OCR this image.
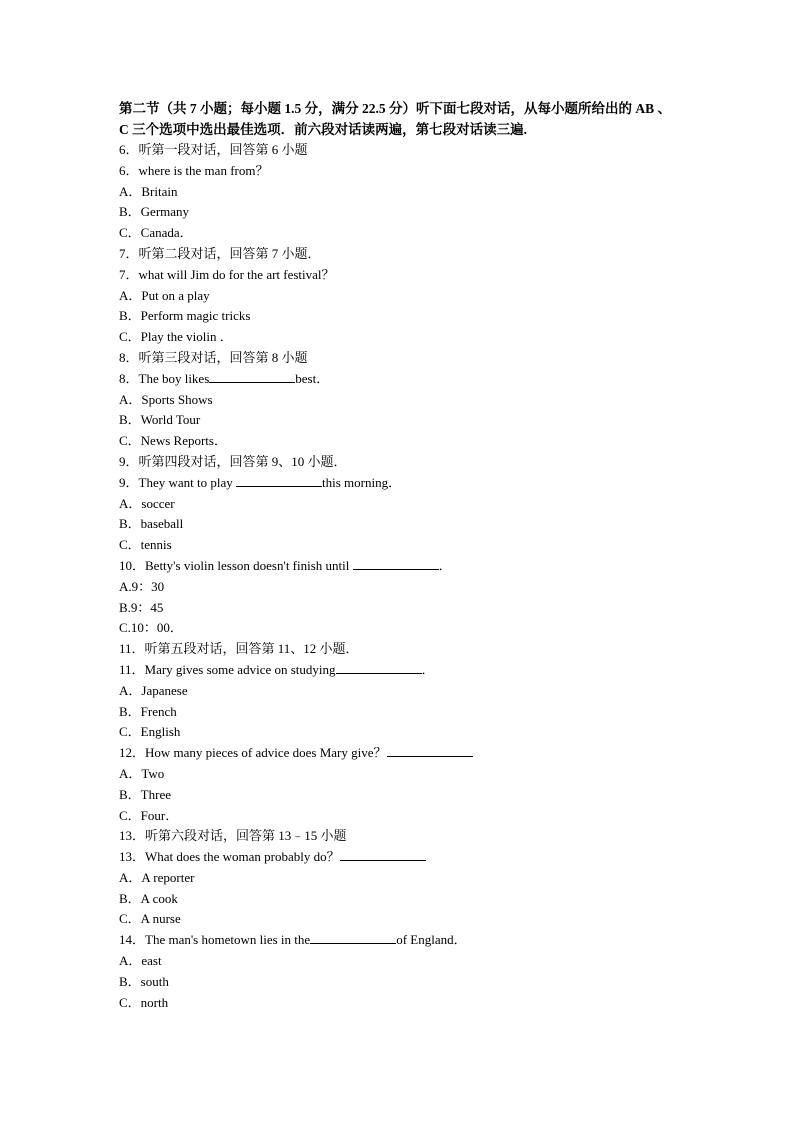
第二节（共 7 小题；每小题 1.5 分，满分 22.5 分）听下面七段对话，从每小题所给出的 AB 、
C 三个选项中选出最佳选项．前六段对话读两遍，第七段对话读三遍.

6．听第一段对话，回答第 6 小题
6．where is the man from？
A．Britain
B．Germany
C．Canada．
7．听第二段对话，回答第 7 小题．
7．what will Jim do for the art festival？
A．Put on a play
B．Perform magic tricks
C．Play the violin ．
8．听第三段对话，回答第 8 小题
8．The boy likes	best．
A．Sports Shows
B．World Tour
C．News Reports．
9．听第四段对话，回答第 9、10 小题．
9．They want to play	this morning．
A．soccer
B．baseball
C．tennis
10．Betty's violin lesson doesn't finish until	．
A.9：30
B.9：45
C.10：00．
11．听第五段对话，回答第 11、12 小题．
11．Mary gives some advice on studying	．
A．Japanese
B．French
C．English
12．How many pieces of advice does Mary give？
A．Two
B．Three
C．Four．
13．听第六段对话，回答第 13﹣15 小题
13．What does the woman probably do？
A．A reporter
B．A cook
C．A nurse
14．The man's hometown lies in the	of England．
A．east
B．south
C．north
